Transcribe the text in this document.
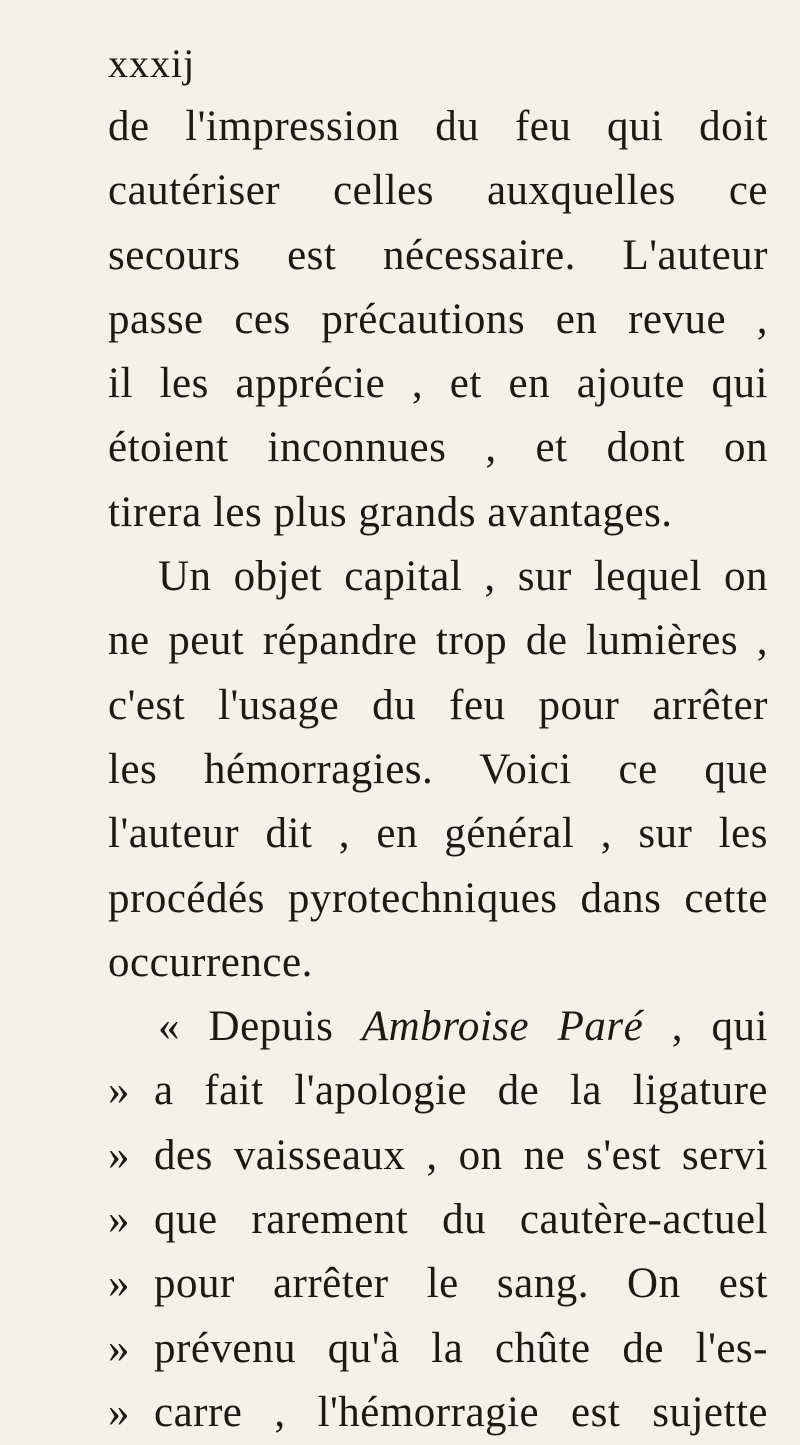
xxxij
de l'impression du feu qui doit
cautériser celles auxquelles ce
secours est nécessaire. L'auteur
passe ces précautions en revue ,
il les apprécie , et en ajoute qui
étoient inconnues , et dont on
tirera les plus grands avantages.
Un objet capital , sur lequel on
ne peut répandre trop de lumières ,
c'est l'usage du feu pour arrêter
les hémorragies. Voici ce que
l'auteur dit , en général , sur les
procédés pyrotechniques dans cette
occurrence.
« Depuis Ambroise Paré , qui
» a fait l'apologie de la ligature
» des vaisseaux , on ne s'est servi
» que rarement du cautère-actuel
» pour arrêter le sang. On est
» prévenu qu'à la chûte de l'es-
» carre , l'hémorragie est sujette
